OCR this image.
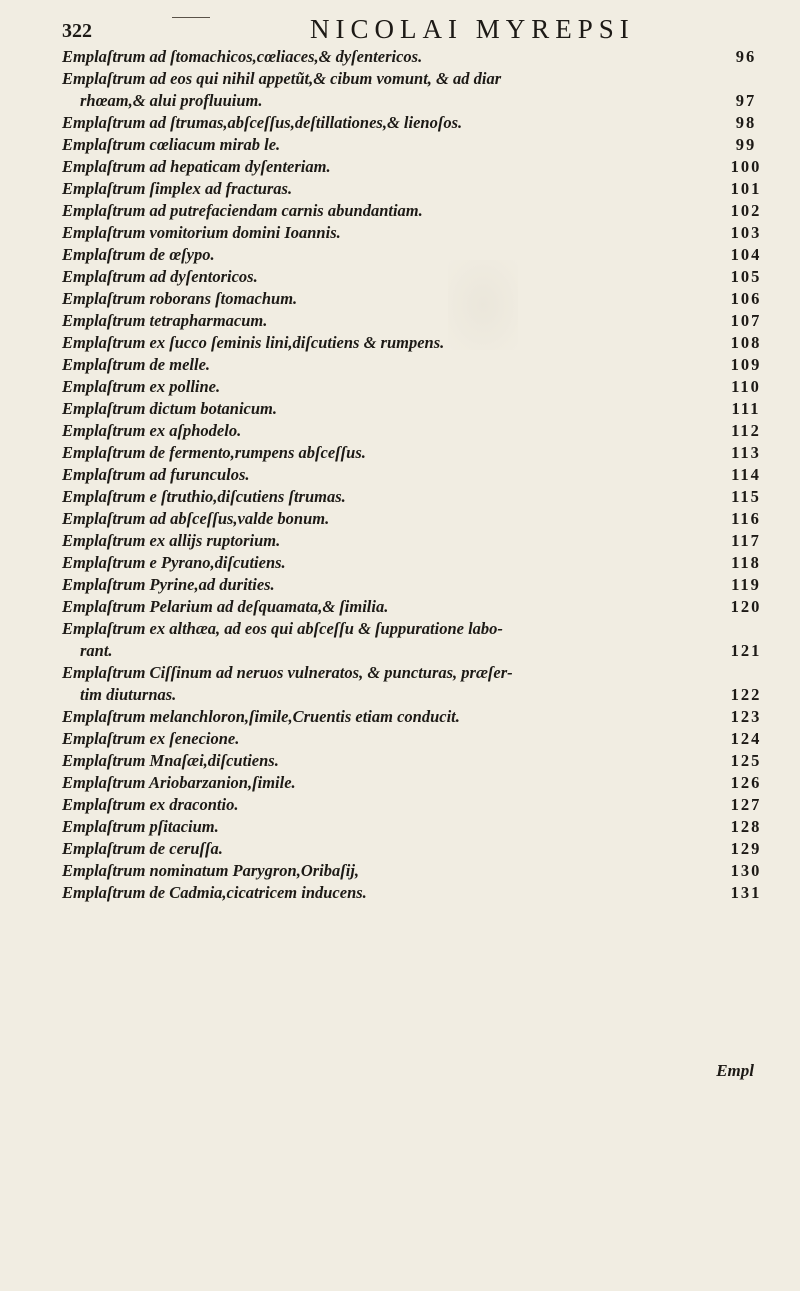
322	NICOLAI MYREPSI
Emplaſtrum ad ſtomachicos,cœliaces,& dyſentericos.	96
Emplaſtrum ad eos qui nihil appetũt,& cibum vomunt, & ad diar
rhœam,& alui profluuium.	97
Emplaſtrum ad ſtrumas,abſceſſus,deſtillationes,& lienoſos.	98
Emplaſtrum cœliacum mirab le.	99
Emplaſtrum ad hepaticam dyſenteriam.	100
Emplaſtrum ſimplex ad fracturas.	101
Emplaſtrum ad putrefaciendam carnis abundantiam.	102
Emplaſtrum vomitorium domini Ioannis.	103
Emplaſtrum de œſypo.	104
Emplaſtrum ad dyſentoricos.	105
Emplaſtrum roborans ſtomachum.	106
Emplaſtrum tetrapharmacum.	107
Emplaſtrum ex ſucco ſeminis lini,diſcutiens & rumpens.	108
Emplaſtrum de melle.	109
Emplaſtrum ex polline.	110
Emplaſtrum dictum botanicum.	111
Emplaſtrum ex aſphodelo.	112
Emplaſtrum de fermento,rumpens abſceſſus.	113
Emplaſtrum ad furunculos.	114
Emplaſtrum e ſtruthio,diſcutiens ſtrumas.	115
Emplaſtrum ad abſceſſus,valde bonum.	116
Emplaſtrum ex allijs ruptorium.	117
Emplaſtrum e Pyrano,diſcutiens.	118
Emplaſtrum Pyrine,ad durities.	119
Emplaſtrum Pelarium ad deſquamata,& ſimilia.	120
Emplaſtrum ex althæa, ad eos qui abſceſſu & ſuppuratione labo-
rant.	121
Emplaſtrum Ciſſinum ad neruos vulneratos, & puncturas, præſer-
tim diuturnas.	122
Emplaſtrum melanchloron,ſimile,Cruentis etiam conducit.	123
Emplaſtrum ex ſenecione.	124
Emplaſtrum Mnaſæi,diſcutiens.	125
Emplaſtrum Ariobarzanion,ſimile.	126
Emplaſtrum ex dracontio.	127
Emplaſtrum pſitacium.	128
Emplaſtrum de ceruſſa.	129
Emplaſtrum nominatum Parygron,Oribaſij,	130
Emplaſtrum de Cadmia,cicatricem inducens.	131
Empl
